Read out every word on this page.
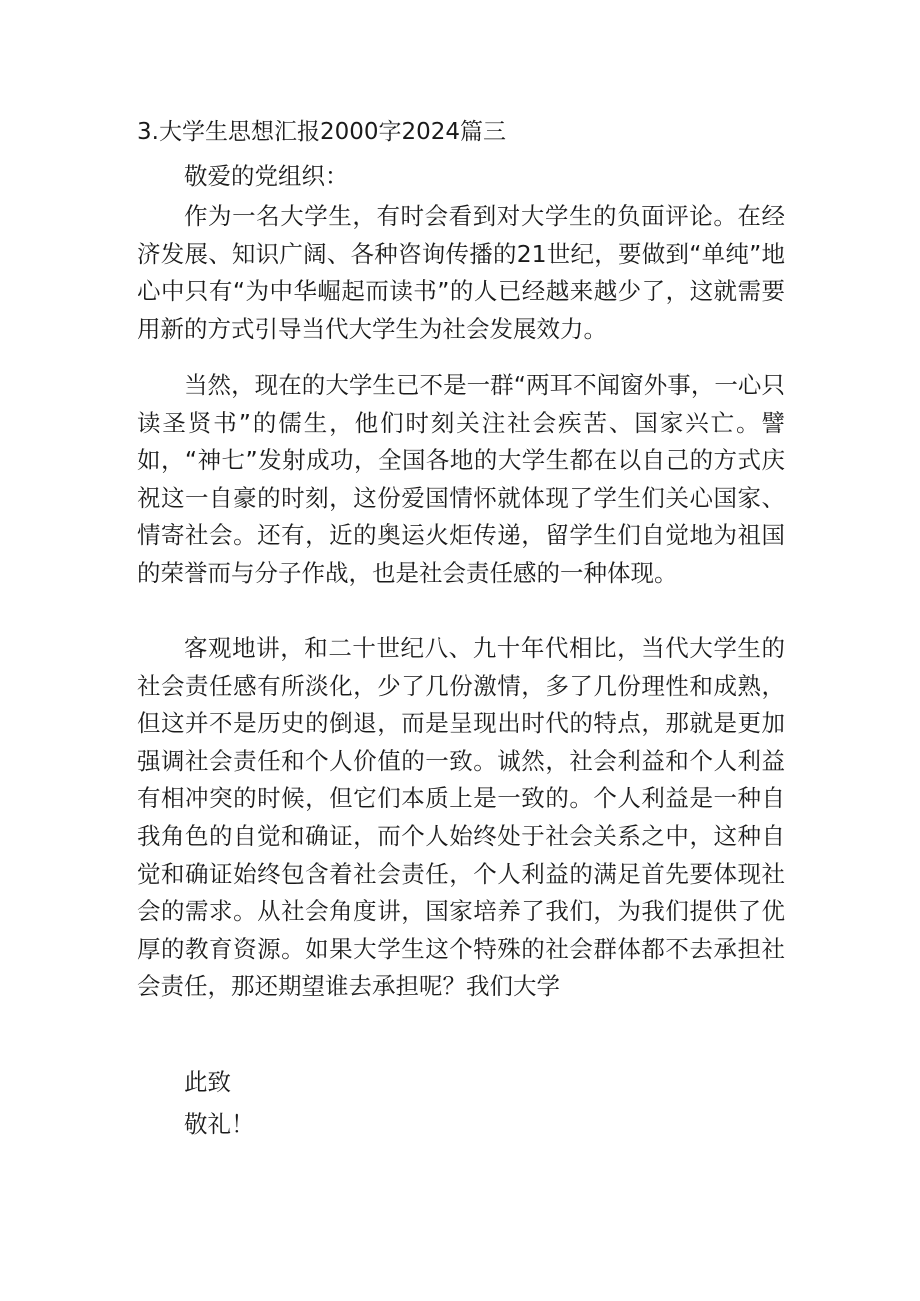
3.大学生思想汇报2000字2024篇三
敬爱的党组织：

作为一名大学生，有时会看到对大学生的负面评论。在经济发展、知识广阔、各种咨询传播的21世纪，要做到“单纯”地心中只有“为中华崛起而读书”的人已经越来越少了，这就需要用新的方式引导当代大学生为社会发展效力。

当然，现在的大学生已不是一群“两耳不闻窗外事，一心只读圣贤书”的儒生，他们时刻关注社会疾苦、国家兴亡。譬如，“神七”发射成功，全国各地的大学生都在以自己的方式庆祝这一自豪的时刻，这份爱国情怀就体现了学生们关心国家、情寄社会。还有，近的奥运火炬传递，留学生们自觉地为祖国的荣誉而与分子作战，也是社会责任感的一种体现。

客观地讲，和二十世纪八、九十年代相比，当代大学生的社会责任感有所淡化，少了几份激情，多了几份理性和成熟，但这并不是历史的倒退，而是呈现出时代的特点，那就是更加强调社会责任和个人价值的一致。诚然，社会利益和个人利益有相冲突的时候，但它们本质上是一致的。个人利益是一种自我角色的自觉和确证，而个人始终处于社会关系之中，这种自觉和确证始终包含着社会责任，个人利益的满足首先要体现社会的需求。从社会角度讲，国家培养了我们，为我们提供了优厚的教育资源。如果大学生这个特殊的社会群体都不去承担社会责任，那还期望谁去承担呢？我们大学

此致
敬礼！
